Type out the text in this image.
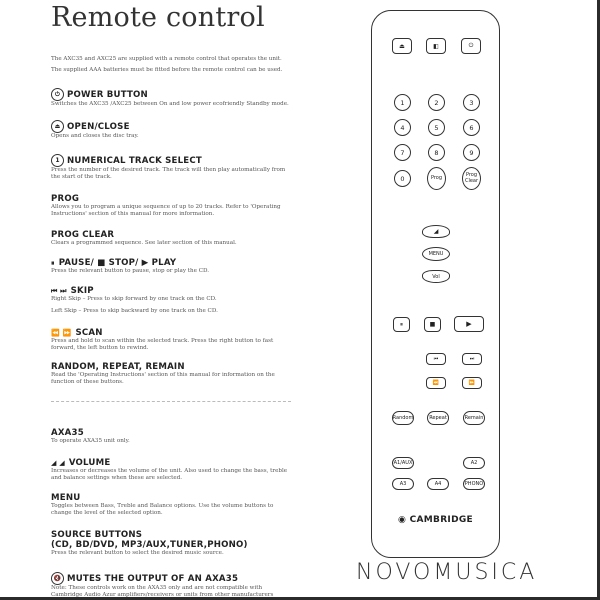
Remote control

The AXC35 and AXC25 are supplied with a remote control that operates the unit.

The supplied AAA batteries must be fitted before the remote control can be used.

⏻ POWER BUTTON

Switches the AXC35 /AXC25 between On and low power ecofriendly Standby mode.

⏏ OPEN/CLOSE

Opens and closes the disc tray.

1 NUMERICAL TRACK SELECT

Press the number of the desired track. The track will then play automatically from the start of the track.

PROG

Allows you to program a unique sequence of up to 20 tracks. Refer to 'Operating Instructions' section of this manual for more information.

PROG CLEAR

Clears a programmed sequence. See later section of this manual.

⏸ PAUSE/ ■ STOP/ ▶ PLAY

Press the relevant button to pause, stop or play the CD.

⏮ ⏭ SKIP

Right Skip – Press to skip forward by one track on the CD.

Left Skip – Press to skip backward by one track on the CD.

⏪ ⏩ SCAN

Press and hold to scan within the selected track. Press the right button to fast forward, the left button to rewind.

RANDOM, REPEAT, REMAIN

Read the 'Operating Instructions' section of this manual for information on the function of these buttons.

AXA35

To operate AXA35 unit only.

◢ ◢ VOLUME

Increases or decreases the volume of the unit. Also used to change the bass, treble and balance settings when these are selected.

MENU

Toggles between Bass, Treble and Balance options. Use the volume buttons to change the level of the selected option.

SOURCE BUTTONS

(CD, BD/DVD, MP3/AUX,TUNER,PHONO)

Press the relevant button to select the desired music source.

🔇 MUTES THE OUTPUT OF AN AXA35

Note: These controls work on the AXA35 only and are not compatible with Cambridge Audio Azur amplifiers/receivers or units from other manufacturers

⏏	◧	⏻
1	2	3
4	5	6
7	8	9
0	Prog	Prog Clear
◢
MENU
Vol
⏸	■	▶
⏮	⏭
⏪	⏩
Random	Repeat	Remain
A1/AUX	A2
A3	A4	PHONO
◉ CAMBRIDGE
NOVOMUSICA
